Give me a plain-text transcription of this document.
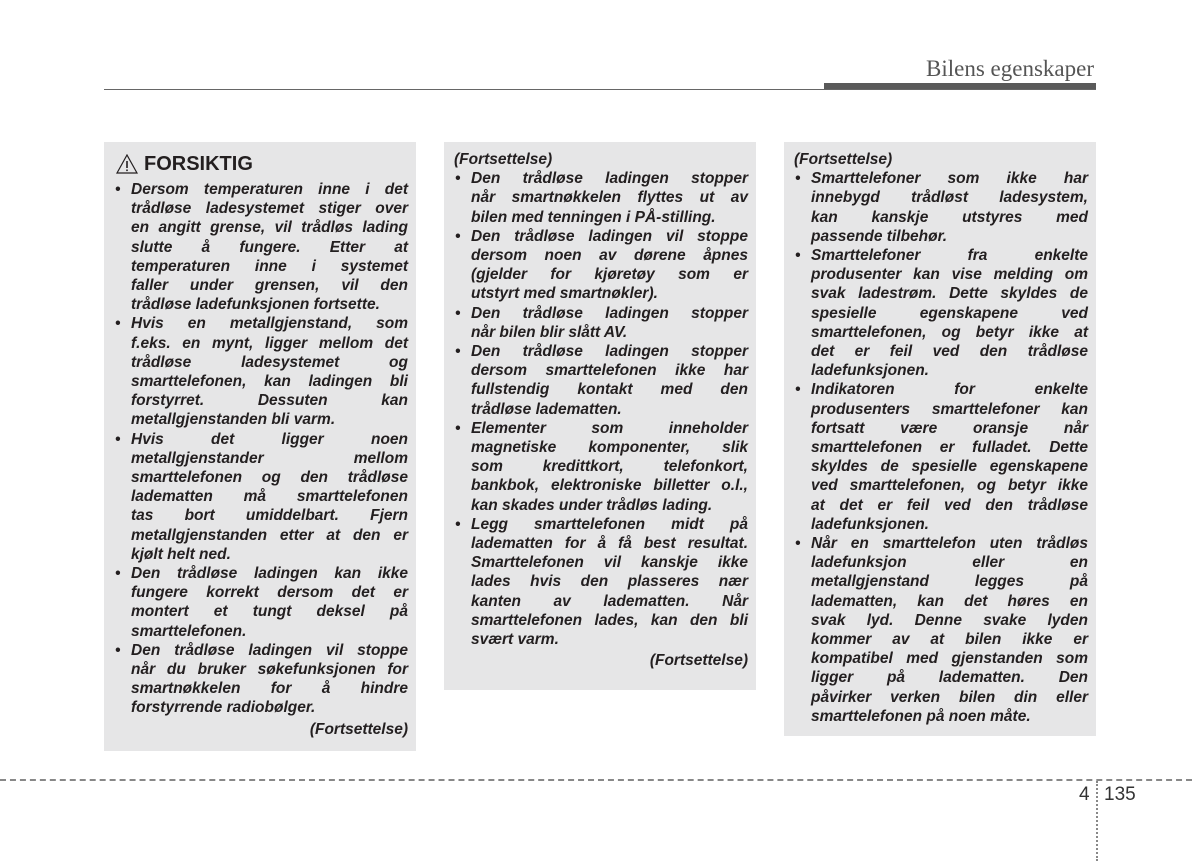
Bilens egenskaper
FORSIKTIG
• Dersom temperaturen inne i det
trådløse ladesystemet stiger over
en angitt grense, vil trådløs lading
slutte å fungere. Etter at
temperaturen inne i systemet
faller under grensen, vil den
trådløse ladefunksjonen fortsette.
• Hvis en metallgjenstand, som
f.eks. en mynt, ligger mellom det
trådløse ladesystemet og
smarttelefonen, kan ladingen bli
forstyrret. Dessuten kan
metallgjenstanden bli varm.
• Hvis det ligger noen
metallgjenstander mellom
smarttelefonen og den trådløse
ladematten må smarttelefonen
tas bort umiddelbart. Fjern
metallgjenstanden etter at den er
kjølt helt ned.
• Den trådløse ladingen kan ikke
fungere korrekt dersom det er
montert et tungt deksel på
smarttelefonen.
• Den trådløse ladingen vil stoppe
når du bruker søkefunksjonen for
smartnøkkelen for å hindre
forstyrrende radiobølger.
(Fortsettelse)
(Fortsettelse)
• Den trådløse ladingen stopper
når smartnøkkelen flyttes ut av
bilen med tenningen i PÅ-stilling.
• Den trådløse ladingen vil stoppe
dersom noen av dørene åpnes
(gjelder for kjøretøy som er
utstyrt med smartnøkler).
• Den trådløse ladingen stopper
når bilen blir slått AV.
• Den trådløse ladingen stopper
dersom smarttelefonen ikke har
fullstendig kontakt med den
trådløse ladematten.
• Elementer som inneholder
magnetiske komponenter, slik
som kredittkort, telefonkort,
bankbok, elektroniske billetter o.l.,
kan skades under trådløs lading.
• Legg smarttelefonen midt på
ladematten for å få best resultat.
Smarttelefonen vil kanskje ikke
lades hvis den plasseres nær
kanten av ladematten. Når
smarttelefonen lades, kan den bli
svært varm.
(Fortsettelse)
(Fortsettelse)
• Smarttelefoner som ikke har
innebygd trådløst ladesystem,
kan kanskje utstyres med
passende tilbehør.
• Smarttelefoner fra enkelte
produsenter kan vise melding om
svak ladestrøm. Dette skyldes de
spesielle egenskapene ved
smarttelefonen, og betyr ikke at
det er feil ved den trådløse
ladefunksjonen.
• Indikatoren for enkelte
produsenters smarttelefoner kan
fortsatt være oransje når
smarttelefonen er fulladet. Dette
skyldes de spesielle egenskapene
ved smarttelefonen, og betyr ikke
at det er feil ved den trådløse
ladefunksjonen.
• Når en smarttelefon uten trådløs
ladefunksjon eller en
metallgjenstand legges på
ladematten, kan det høres en
svak lyd. Denne svake lyden
kommer av at bilen ikke er
kompatibel med gjenstanden som
ligger på ladematten. Den
påvirker verken bilen din eller
smarttelefonen på noen måte.
4 135
